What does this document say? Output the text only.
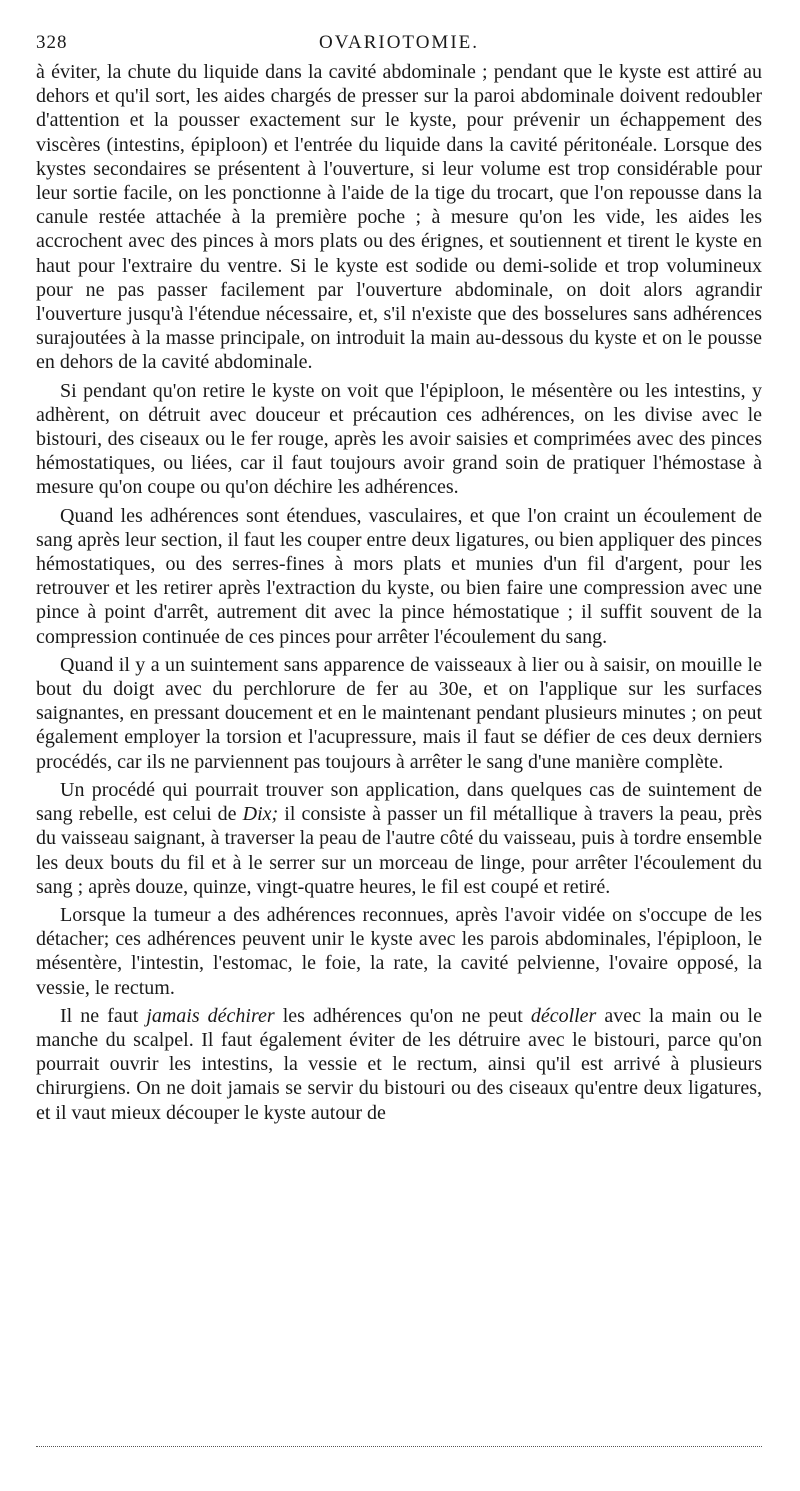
328	OVARIOTOMIE.

à éviter, la chute du liquide dans la cavité abdominale ; pendant que le kyste est attiré au dehors et qu'il sort, les aides chargés de presser sur la paroi abdominale doivent redoubler d'attention et la pousser exactement sur le kyste, pour prévenir un échappement des viscères (intestins, épiploon) et l'entrée du liquide dans la cavité péritonéale. Lorsque des kystes secondaires se présentent à l'ouverture, si leur volume est trop considérable pour leur sortie facile, on les ponctionne à l'aide de la tige du trocart, que l'on repousse dans la canule restée attachée à la première poche ; à mesure qu'on les vide, les aides les accrochent avec des pinces à mors plats ou des érignes, et soutiennent et tirent le kyste en haut pour l'extraire du ventre. Si le kyste est sodide ou demi-solide et trop volumineux pour ne pas passer facilement par l'ouverture abdominale, on doit alors agrandir l'ouverture jusqu'à l'étendue nécessaire, et, s'il n'existe que des bosselures sans adhérences surajoutées à la masse principale, on introduit la main au-dessous du kyste et on le pousse en dehors de la cavité abdominale.

Si pendant qu'on retire le kyste on voit que l'épiploon, le mésentère ou les intestins, y adhèrent, on détruit avec douceur et précaution ces adhérences, on les divise avec le bistouri, des ciseaux ou le fer rouge, après les avoir saisies et comprimées avec des pinces hémostatiques, ou liées, car il faut toujours avoir grand soin de pratiquer l'hémostase à mesure qu'on coupe ou qu'on déchire les adhérences.

Quand les adhérences sont étendues, vasculaires, et que l'on craint un écoulement de sang après leur section, il faut les couper entre deux ligatures, ou bien appliquer des pinces hémostatiques, ou des serres-fines à mors plats et munies d'un fil d'argent, pour les retrouver et les retirer après l'extraction du kyste, ou bien faire une compression avec une pince à point d'arrêt, autrement dit avec la pince hémostatique ; il suffit souvent de la compression continuée de ces pinces pour arrêter l'écoulement du sang.

Quand il y a un suintement sans apparence de vaisseaux à lier ou à saisir, on mouille le bout du doigt avec du perchlorure de fer au 30e, et on l'applique sur les surfaces saignantes, en pressant doucement et en le maintenant pendant plusieurs minutes ; on peut également employer la torsion et l'acupressure, mais il faut se défier de ces deux derniers procédés, car ils ne parviennent pas toujours à arrêter le sang d'une manière complète.

Un procédé qui pourrait trouver son application, dans quelques cas de suintement de sang rebelle, est celui de Dix; il consiste à passer un fil métallique à travers la peau, près du vaisseau saignant, à traverser la peau de l'autre côté du vaisseau, puis à tordre ensemble les deux bouts du fil et à le serrer sur un morceau de linge, pour arrêter l'écoulement du sang ; après douze, quinze, vingt-quatre heures, le fil est coupé et retiré.

Lorsque la tumeur a des adhérences reconnues, après l'avoir vidée on s'occupe de les détacher; ces adhérences peuvent unir le kyste avec les parois abdominales, l'épiploon, le mésentère, l'intestin, l'estomac, le foie, la rate, la cavité pelvienne, l'ovaire opposé, la vessie, le rectum.

Il ne faut jamais déchirer les adhérences qu'on ne peut décoller avec la main ou le manche du scalpel. Il faut également éviter de les détruire avec le bistouri, parce qu'on pourrait ouvrir les intestins, la vessie et le rectum, ainsi qu'il est arrivé à plusieurs chirurgiens. On ne doit jamais se servir du bistouri ou des ciseaux qu'entre deux ligatures, et il vaut mieux découper le kyste autour de
